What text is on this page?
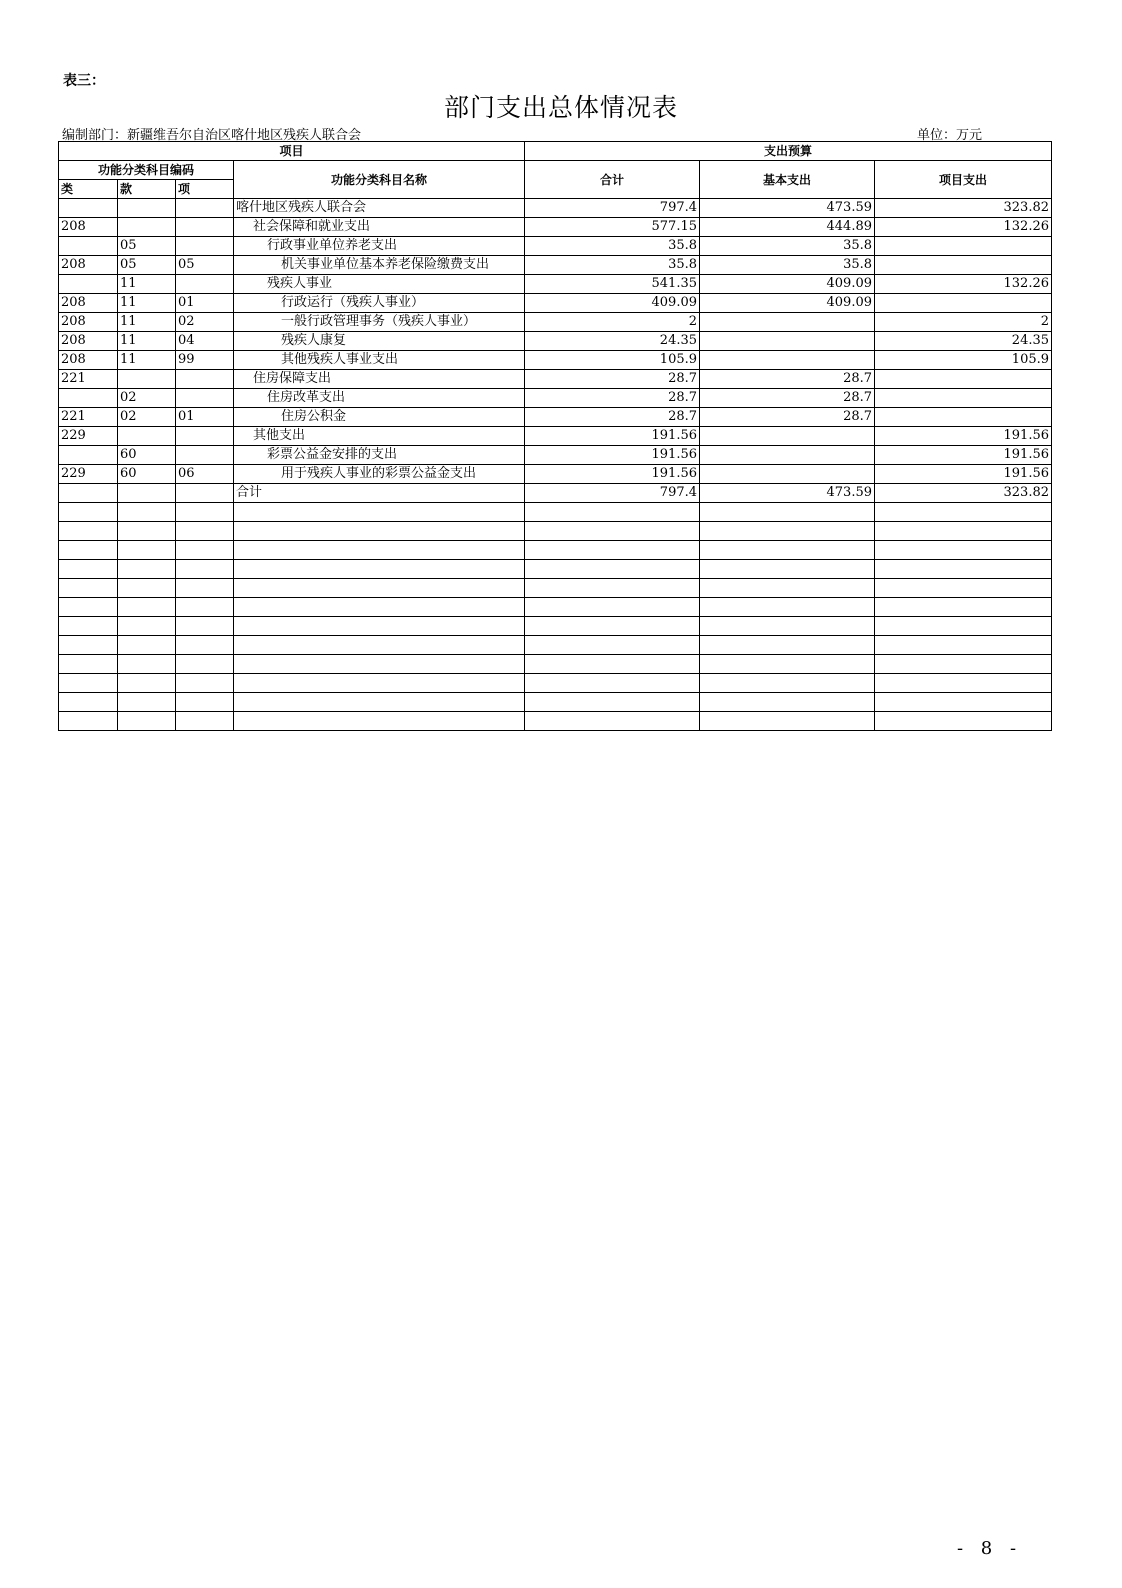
表三：
部门支出总体情况表
编制部门：新疆维吾尔自治区喀什地区残疾人联合会	单位：万元
项目				支出预算		
功能分类科目编码			功能分类科目名称	合计	基本支出	项目支出
类	款	项				
			喀什地区残疾人联合会	797.4	473.59	323.82
208			社会保障和就业支出	577.15	444.89	132.26
	05		行政事业单位养老支出	35.8	35.8	
208	05	05	机关事业单位基本养老保险缴费支出	35.8	35.8	
	11		残疾人事业	541.35	409.09	132.26
208	11	01	行政运行（残疾人事业）	409.09	409.09	
208	11	02	一般行政管理事务（残疾人事业）	2		2
208	11	04	残疾人康复	24.35		24.35
208	11	99	其他残疾人事业支出	105.9		105.9
221			住房保障支出	28.7	28.7	
	02		住房改革支出	28.7	28.7	
221	02	01	住房公积金	28.7	28.7	
229			其他支出	191.56		191.56
	60		彩票公益金安排的支出	191.56		191.56
229	60	06	用于残疾人事业的彩票公益金支出	191.56		191.56
			合计	797.4	473.59	323.82

- 8 -
